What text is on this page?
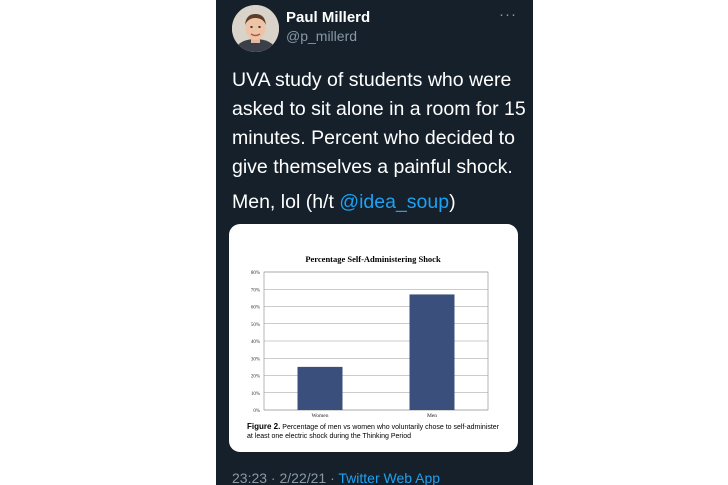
Paul Millerd
@p_millerd
···

UVA study of students who were asked to sit alone in a room for 15 minutes. Percent who decided to give themselves a painful shock.

Men, lol (h/t @idea_soup)

Percentage Self-Administering Shock
0%
10%
20%
30%
40%
50%
60%
70%
80%
Women	Men
Figure 2. Percentage of men vs women who voluntarily chose to self-administer at least one electric shock during the Thinking Period
23:23 · 2/22/21 · Twitter Web App
